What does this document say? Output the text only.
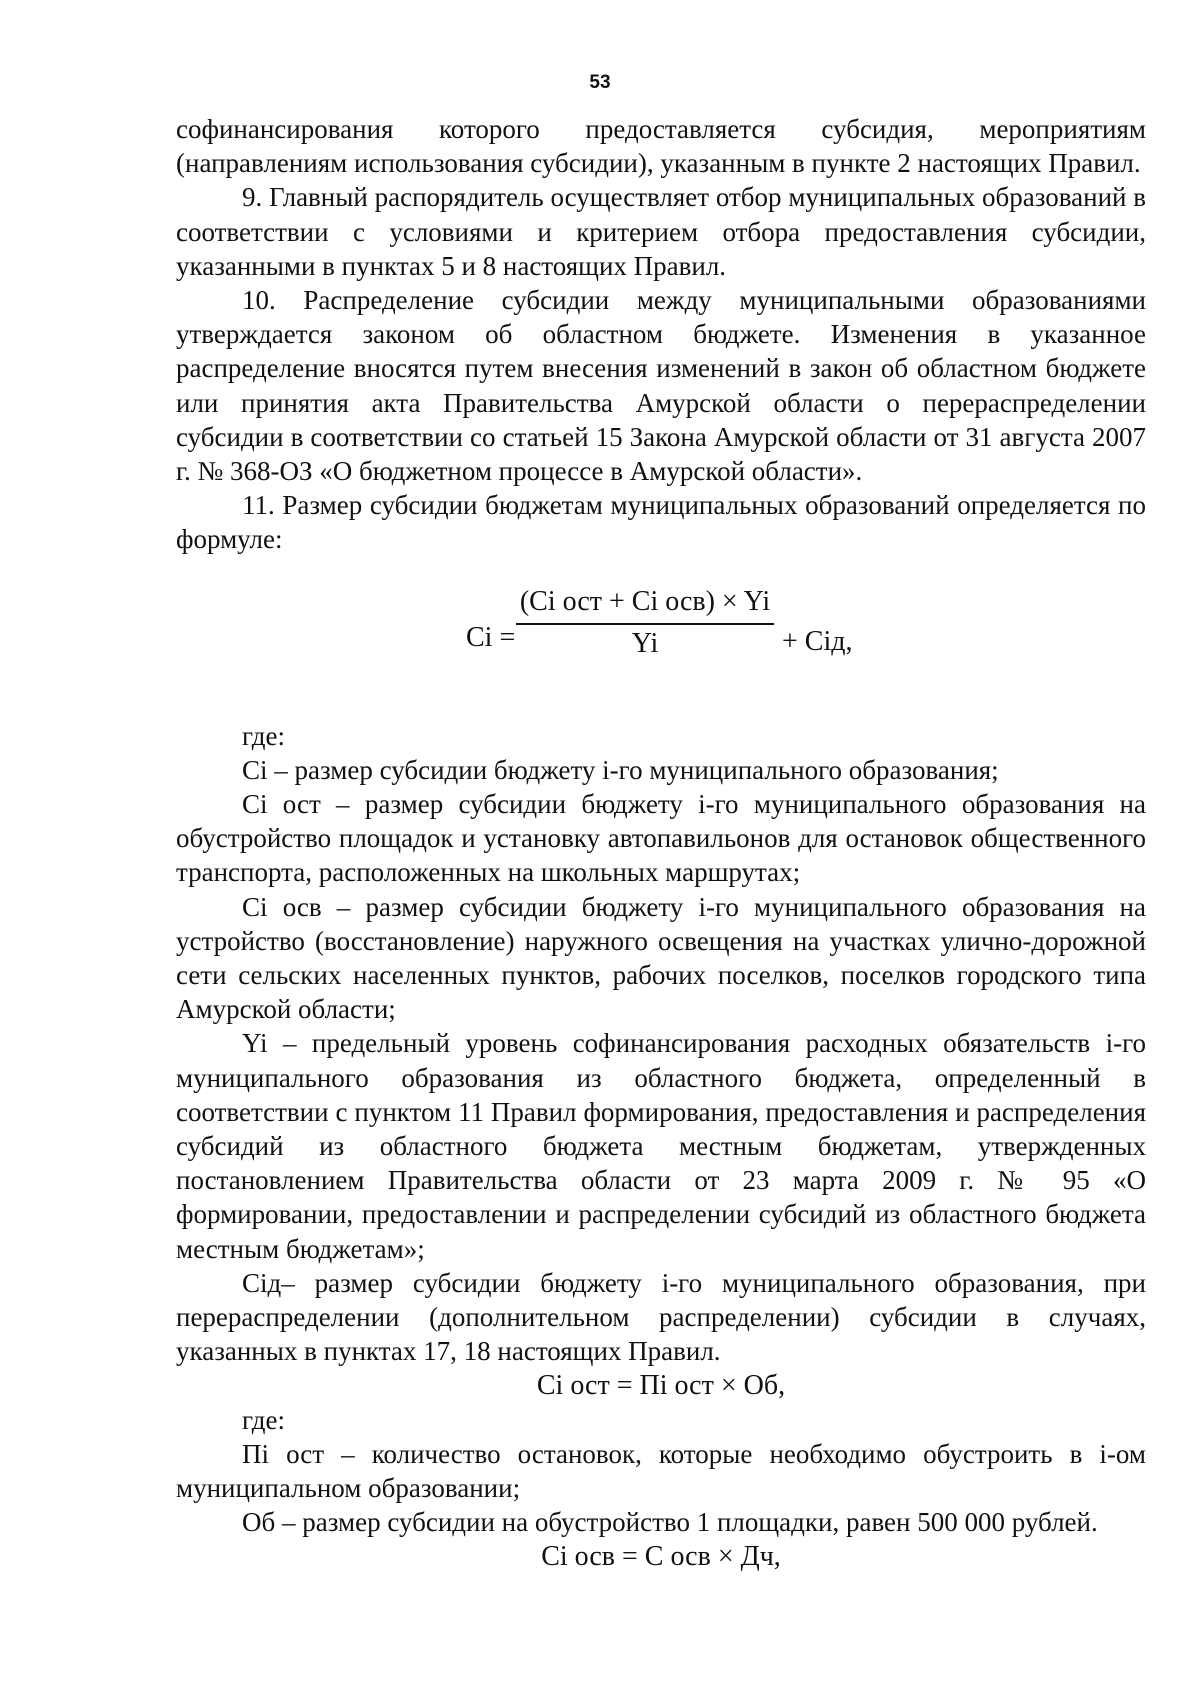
53

софинансирования которого предоставляется субсидия, мероприятиям (направлениям использования субсидии), указанным в пункте 2 настоящих Правил.

9. Главный распорядитель осуществляет отбор муниципальных образований в соответствии с условиями и критерием отбора предоставления субсидии, указанными в пунктах 5 и 8 настоящих Правил.

10. Распределение субсидии между муниципальными образованиями утверждается законом об областном бюджете. Изменения в указанное распределение вносятся путем внесения изменений в закон об областном бюджете или принятия акта Правительства Амурской области о перераспределении субсидии в соответствии со статьей 15 Закона Амурской области от 31 августа 2007 г. № 368-ОЗ «О бюджетном процессе в Амурской области».

11. Размер субсидии бюджетам муниципальных образований определяется по формуле:

Ci =
(Ci ост + Ci осв) × Yi
Yi	+ Ciд,

где:

Ci – размер субсидии бюджету i-го муниципального образования;

Ci ост – размер субсидии бюджету i-го муниципального образования на обустройство площадок и установку автопавильонов для остановок общественного транспорта, расположенных на школьных маршрутах;

Ci осв – размер субсидии бюджету i-го муниципального образования на устройство (восстановление) наружного освещения на участках улично-дорожной сети сельских населенных пунктов, рабочих поселков, поселков городского типа Амурской области;

Yi – предельный уровень софинансирования расходных обязательств i-го муниципального образования из областного бюджета, определенный в соответствии с пунктом 11 Правил формирования, предоставления и распределения субсидий из областного бюджета местным бюджетам, утвержденных постановлением Правительства области от 23 марта 2009 г. № 95 «О формировании, предоставлении и распределении субсидий из областного бюджета местным бюджетам»;

Ciд– размер субсидии бюджету i-го муниципального образования, при перераспределении (дополнительном распределении) субсидии в случаях, указанных в пунктах 17, 18 настоящих Правил.

Ci ост = Пi ост × Об,

где:

Пi ост – количество остановок, которые необходимо обустроить в i-ом муниципальном образовании;

Об – размер субсидии на обустройство 1 площадки, равен 500 000 рублей.

Ci осв = С осв × Дч,
